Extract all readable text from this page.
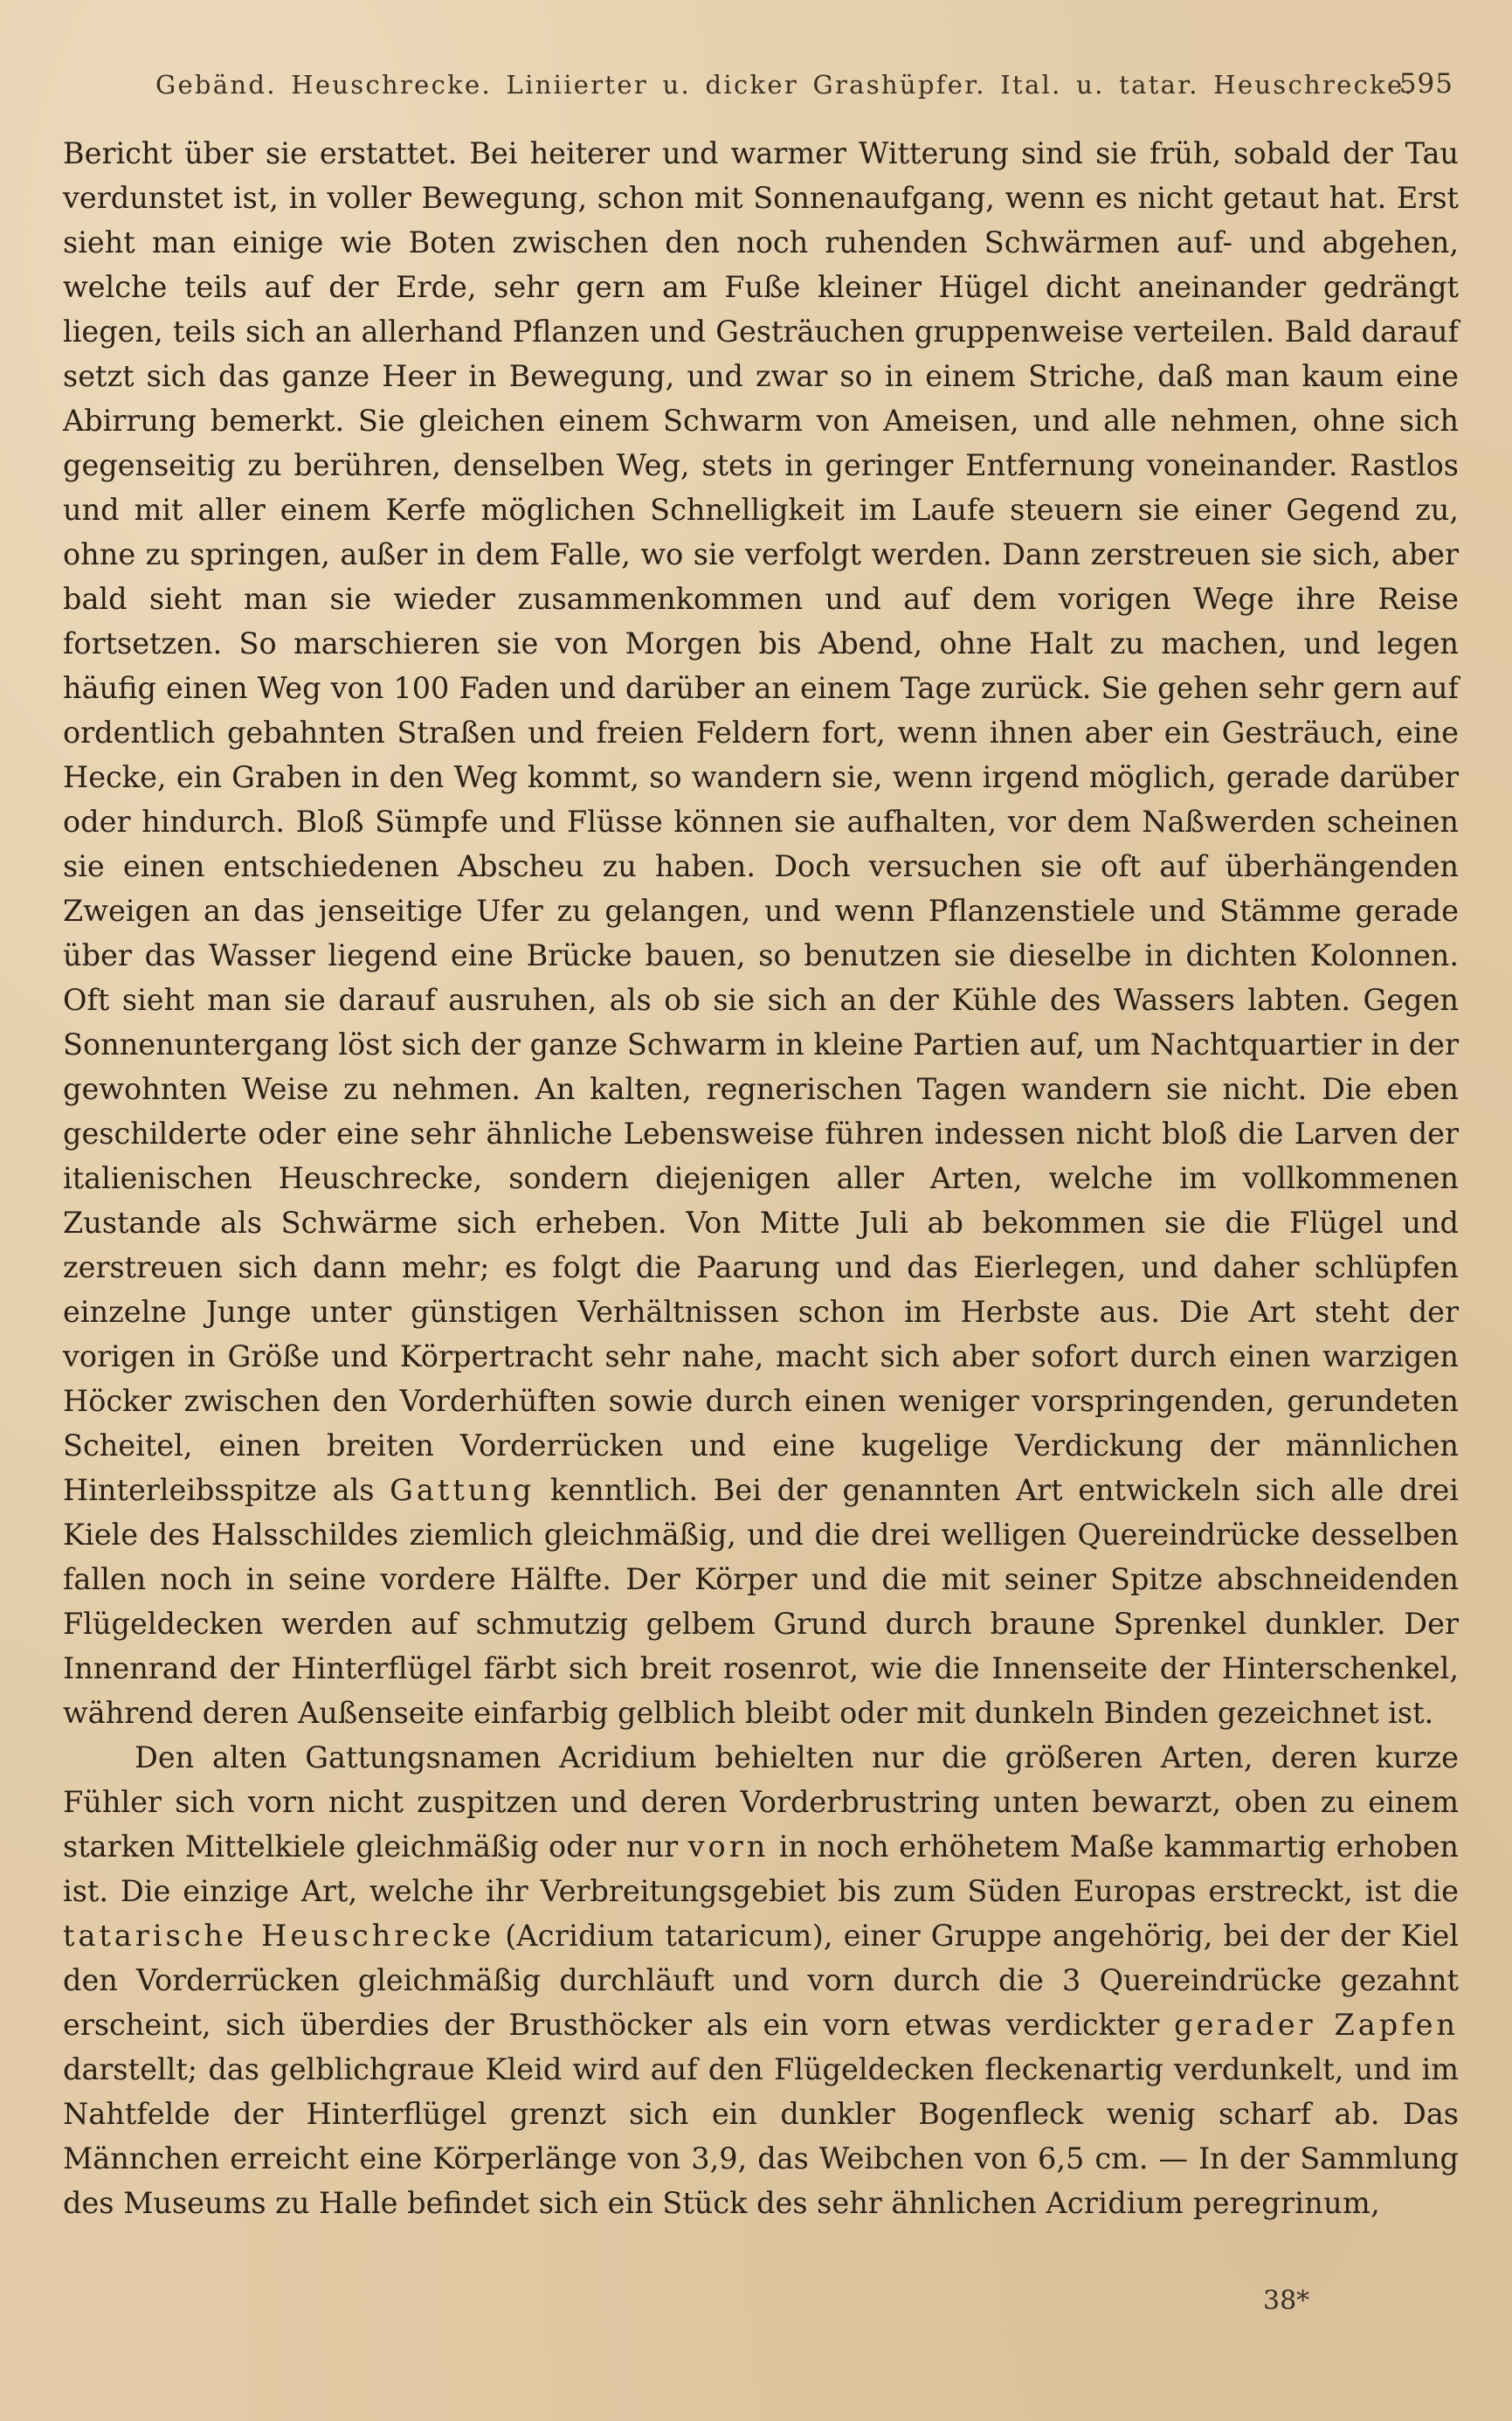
Gebänd. Heuschrecke. Liniierter u. dicker Grashüpfer. Ital. u. tatar. Heuschrecke.
595

Bericht über sie erstattet. Bei heiterer und warmer Witterung sind sie früh, sobald der Tau verdunstet ist, in voller Bewegung, schon mit Sonnenaufgang, wenn es nicht getaut hat. Erst sieht man einige wie Boten zwischen den noch ruhenden Schwärmen auf- und abgehen, welche teils auf der Erde, sehr gern am Fuße kleiner Hügel dicht aneinander gedrängt liegen, teils sich an allerhand Pflanzen und Gesträuchen gruppenweise verteilen. Bald darauf setzt sich das ganze Heer in Bewegung, und zwar so in einem Striche, daß man kaum eine Abirrung bemerkt. Sie gleichen einem Schwarm von Ameisen, und alle nehmen, ohne sich gegenseitig zu berühren, denselben Weg, stets in geringer Entfernung voneinander. Rastlos und mit aller einem Kerfe möglichen Schnelligkeit im Laufe steuern sie einer Gegend zu, ohne zu springen, außer in dem Falle, wo sie verfolgt werden. Dann zerstreuen sie sich, aber bald sieht man sie wieder zusammenkommen und auf dem vorigen Wege ihre Reise fortsetzen. So marschieren sie von Morgen bis Abend, ohne Halt zu machen, und legen häufig einen Weg von 100 Faden und darüber an einem Tage zurück. Sie gehen sehr gern auf ordentlich gebahnten Straßen und freien Feldern fort, wenn ihnen aber ein Gesträuch, eine Hecke, ein Graben in den Weg kommt, so wandern sie, wenn irgend möglich, gerade darüber oder hindurch. Bloß Sümpfe und Flüsse können sie aufhalten, vor dem Naßwerden scheinen sie einen entschiedenen Abscheu zu haben. Doch versuchen sie oft auf überhängenden Zweigen an das jenseitige Ufer zu gelangen, und wenn Pflanzenstiele und Stämme gerade über das Wasser liegend eine Brücke bauen, so benutzen sie dieselbe in dichten Kolonnen. Oft sieht man sie darauf ausruhen, als ob sie sich an der Kühle des Wassers labten. Gegen Sonnenuntergang löst sich der ganze Schwarm in kleine Partien auf, um Nachtquartier in der gewohnten Weise zu nehmen. An kalten, regnerischen Tagen wandern sie nicht. Die eben geschilderte oder eine sehr ähnliche Lebensweise führen indessen nicht bloß die Larven der italienischen Heuschrecke, sondern diejenigen aller Arten, welche im vollkommenen Zustande als Schwärme sich erheben. Von Mitte Juli ab bekommen sie die Flügel und zerstreuen sich dann mehr; es folgt die Paarung und das Eierlegen, und daher schlüpfen einzelne Junge unter günstigen Verhältnissen schon im Herbste aus. Die Art steht der vorigen in Größe und Körpertracht sehr nahe, macht sich aber sofort durch einen warzigen Höcker zwischen den Vorderhüften sowie durch einen weniger vorspringenden, gerundeten Scheitel, einen breiten Vorderrücken und eine kugelige Verdickung der männlichen Hinterleibsspitze als Gattung kenntlich. Bei der genannten Art entwickeln sich alle drei Kiele des Halsschildes ziemlich gleichmäßig, und die drei welligen Quereindrücke desselben fallen noch in seine vordere Hälfte. Der Körper und die mit seiner Spitze abschneidenden Flügeldecken werden auf schmutzig gelbem Grund durch braune Sprenkel dunkler. Der Innenrand der Hinterflügel färbt sich breit rosenrot, wie die Innenseite der Hinterschenkel, während deren Außenseite einfarbig gelblich bleibt oder mit dunkeln Binden gezeichnet ist.

Den alten Gattungsnamen Acridium behielten nur die größeren Arten, deren kurze Fühler sich vorn nicht zuspitzen und deren Vorderbrustring unten bewarzt, oben zu einem starken Mittelkiele gleichmäßig oder nur vorn in noch erhöhetem Maße kammartig erhoben ist. Die einzige Art, welche ihr Verbreitungsgebiet bis zum Süden Europas erstreckt, ist die tatarische Heuschrecke (Acridium tataricum), einer Gruppe angehörig, bei der der Kiel den Vorderrücken gleichmäßig durchläuft und vorn durch die 3 Quereindrücke gezahnt erscheint, sich überdies der Brusthöcker als ein vorn etwas verdickter gerader Zapfen darstellt; das gelblichgraue Kleid wird auf den Flügeldecken fleckenartig verdunkelt, und im Nahtfelde der Hinterflügel grenzt sich ein dunkler Bogenfleck wenig scharf ab. Das Männchen erreicht eine Körperlänge von 3,9, das Weibchen von 6,5 cm. — In der Sammlung des Museums zu Halle befindet sich ein Stück des sehr ähnlichen Acridium peregrinum,

38*
